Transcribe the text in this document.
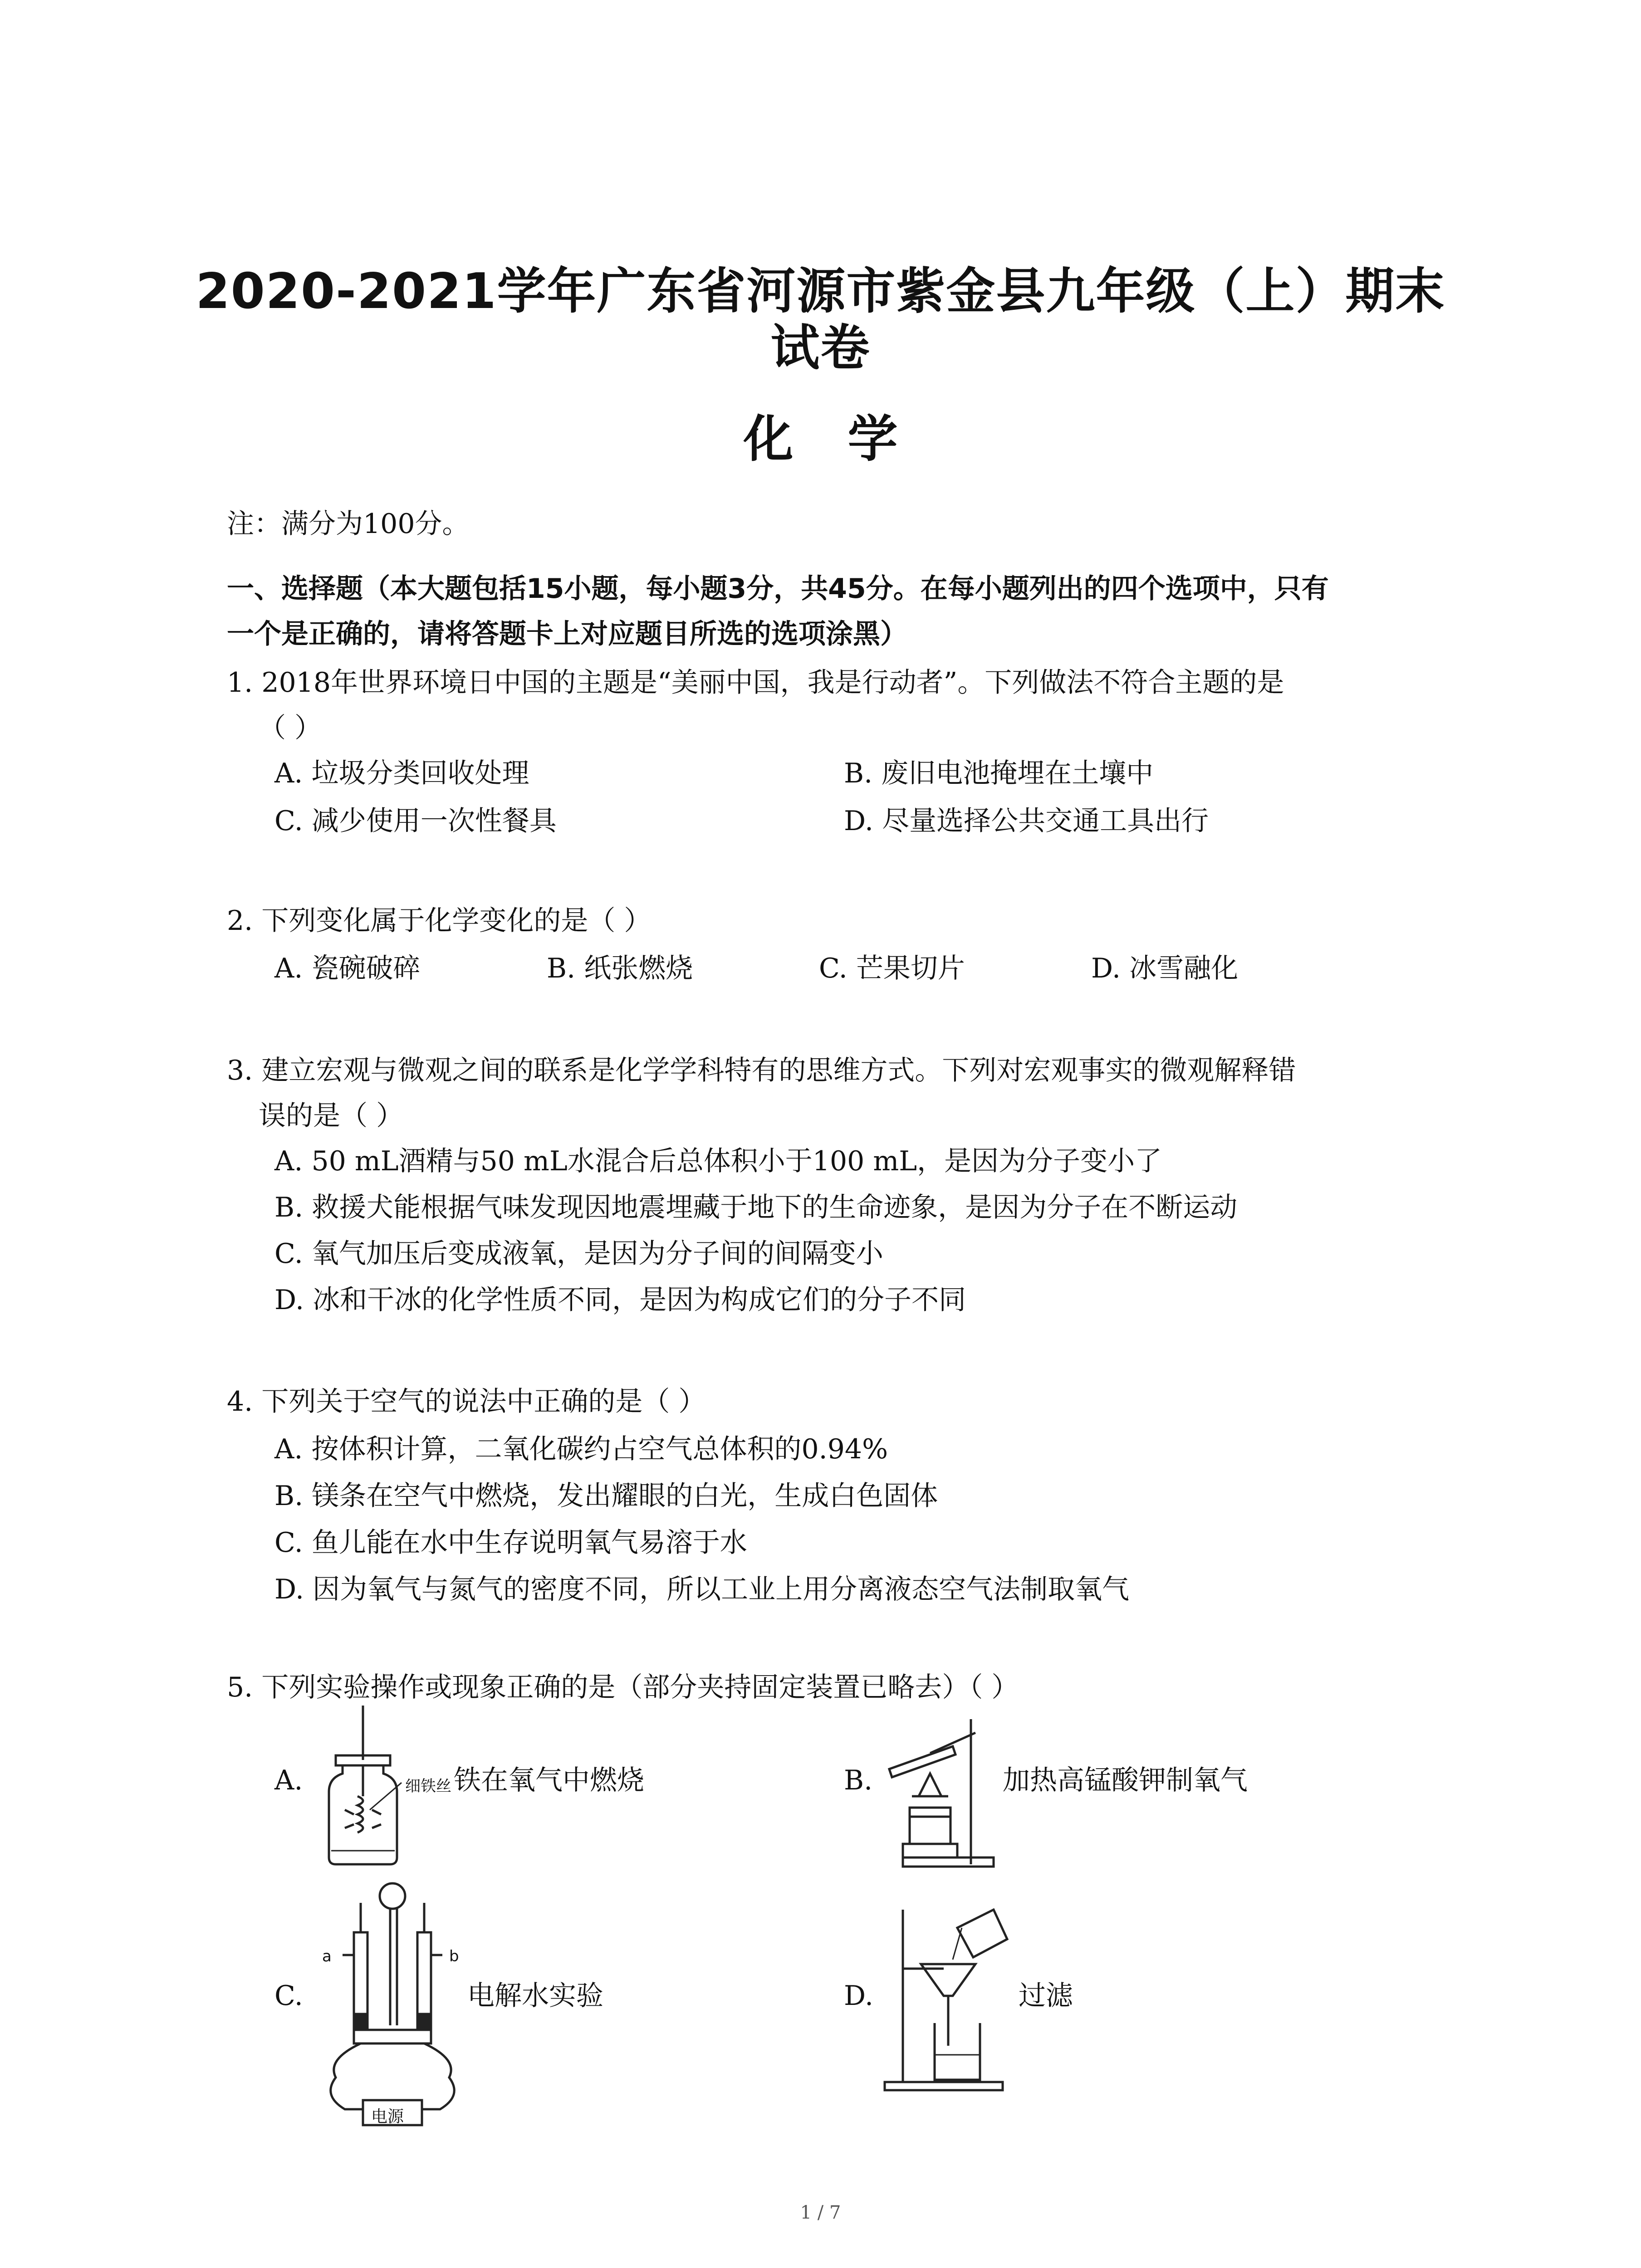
2020-2021学年广东省河源市紫金县九年级（上）期末
试卷
化学
注：满分为100分。
一、选择题（本大题包括15小题，每小题3分，共45分。在每小题列出的四个选项中，只有
一个是正确的，请将答题卡上对应题目所选的选项涂黑）
1. 2018年世界环境日中国的主题是“美丽中国，我是行动者”。下列做法不符合主题的是
（ ）
A. 垃圾分类回收处理	B. 废旧电池掩埋在土壤中
C. 减少使用一次性餐具	D. 尽量选择公共交通工具出行
2. 下列变化属于化学变化的是（ ）
A. 瓷碗破碎	B. 纸张燃烧	C. 芒果切片	D. 冰雪融化
3. 建立宏观与微观之间的联系是化学学科特有的思维方式。下列对宏观事实的微观解释错
误的是（ ）
A. 50 mL酒精与50 mL水混合后总体积小于100 mL，是因为分子变小了
B. 救援犬能根据气味发现因地震埋藏于地下的生命迹象，是因为分子在不断运动
C. 氧气加压后变成液氧，是因为分子间的间隔变小
D. 冰和干冰的化学性质不同，是因为构成它们的分子不同
4. 下列关于空气的说法中正确的是（ ）
A. 按体积计算，二氧化碳约占空气总体积的0.94%
B. 镁条在空气中燃烧，发出耀眼的白光，生成白色固体
C. 鱼儿能在水中生存说明氧气易溶于水
D. 因为氧气与氮气的密度不同，所以工业上用分离液态空气法制取氧气
5. 下列实验操作或现象正确的是（部分夹持固定装置已略去）（ ）
A.	细铁丝 铁在氧气中燃烧	B.	加热高锰酸钾制氧气
C.
a	b
电源
电解水实验	D.	过滤
1 / 7
